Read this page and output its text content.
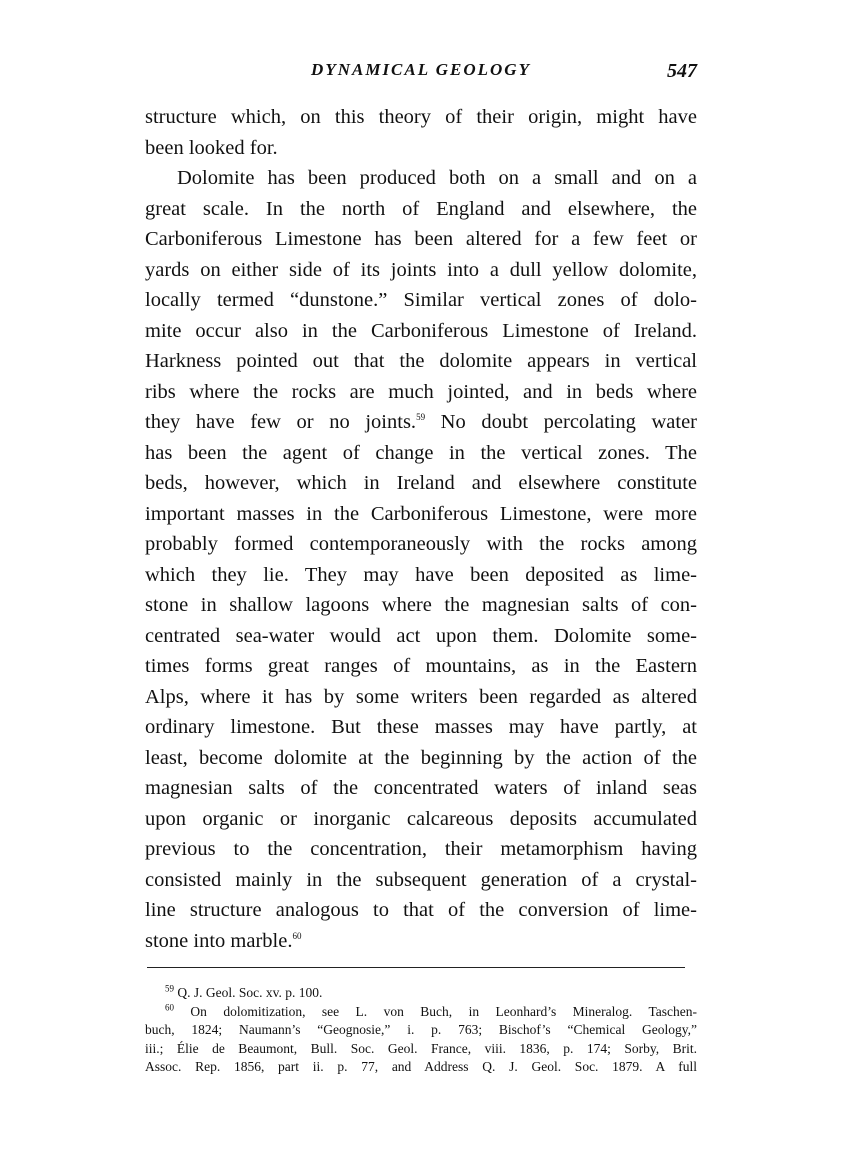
DYNAMICAL GEOLOGY	547
structure which, on this theory of their origin, might have
been looked for.
Dolomite has been produced both on a small and on a
great scale. In the north of England and elsewhere, the
Carboniferous Limestone has been altered for a few feet or
yards on either side of its joints into a dull yellow dolomite,
locally termed “dunstone.” Similar vertical zones of dolo-
mite occur also in the Carboniferous Limestone of Ireland.
Harkness pointed out that the dolomite appears in vertical
ribs where the rocks are much jointed, and in beds where
they have few or no joints.$^{59}$ No doubt percolating water
has been the agent of change in the vertical zones. The
beds, however, which in Ireland and elsewhere constitute
important masses in the Carboniferous Limestone, were more
probably formed contemporaneously with the rocks among
which they lie. They may have been deposited as lime-
stone in shallow lagoons where the magnesian salts of con-
centrated sea-water would act upon them. Dolomite some-
times forms great ranges of mountains, as in the Eastern
Alps, where it has by some writers been regarded as altered
ordinary limestone. But these masses may have partly, at
least, become dolomite at the beginning by the action of the
magnesian salts of the concentrated waters of inland seas
upon organic or inorganic calcareous deposits accumulated
previous to the concentration, their metamorphism having
consisted mainly in the subsequent generation of a crystal-
line structure analogous to that of the conversion of lime-
stone into marble.$^{60}$
$^{59}$ Q. J. Geol. Soc. xv. p. 100.
$^{60}$ On dolomitization, see L. von Buch, in Leonhard’s Mineralog. Taschen-
buch, 1824; Naumann’s “Geognosie,” i. p. 763; Bischof’s “Chemical Geology,”
iii.; Élie de Beaumont, Bull. Soc. Geol. France, viii. 1836, p. 174; Sorby, Brit.
Assoc. Rep. 1856, part ii. p. 77, and Address Q. J. Geol. Soc. 1879. A full
